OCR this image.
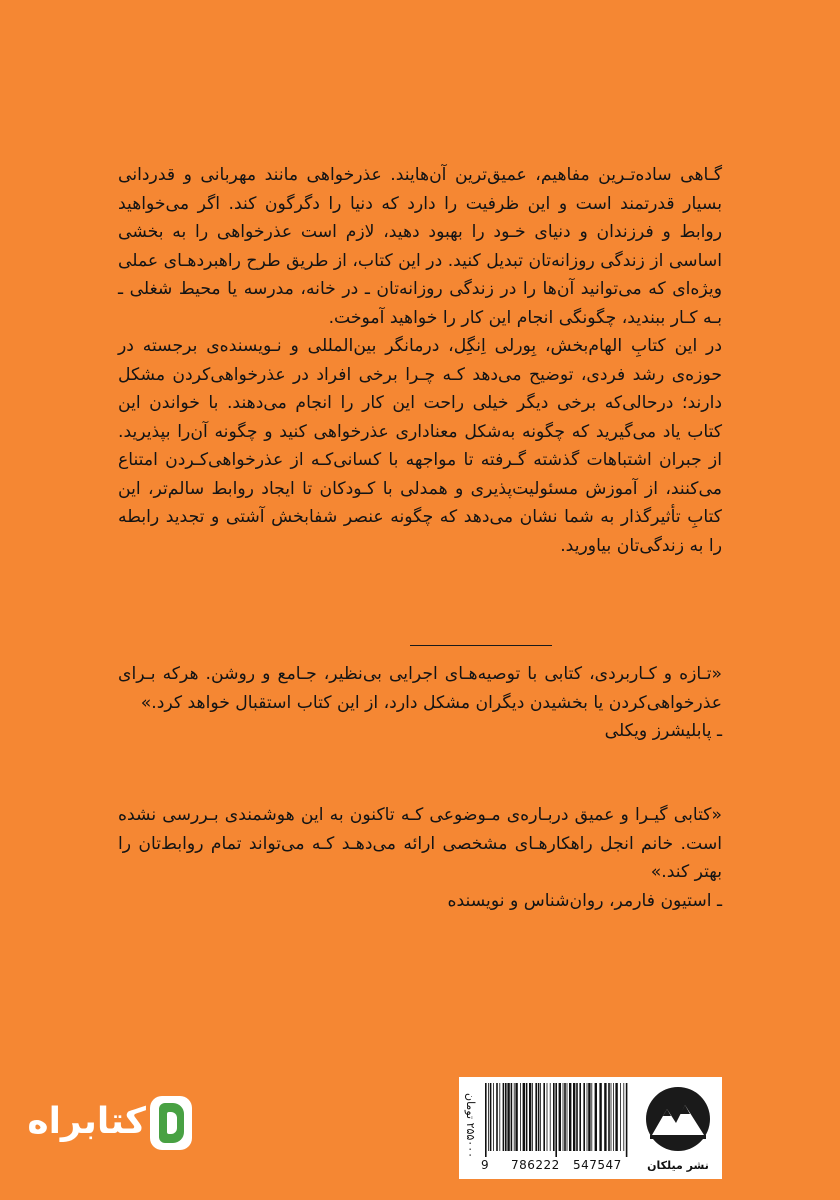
گـاهی ساده‌تـرین مفاهیم، عمیق‌ترین آن‌هایند. عذرخواهی مانند مهربانی و قدردانی بسیار قدرتمند است و این ظرفیت را دارد که دنیا را دگرگون کند. اگر می‌خواهید روابط و فرزندان و دنیای خـود را بهبود دهید، لازم است عذرخواهی را به بخشی اساسی از زندگی روزانه‌تان تبدیل کنید. در این کتاب، از طریق طرح راهبردهـای عملی ویژه‌ای که می‌توانید آن‌ها را در زندگی روزانه‌تان ـ در خانه، مدرسه یا محیط شغلی ـ بـه کـار ببندید، چگونگی انجام این کار را خواهید آموخت.

در این کتابِ الهام‌بخش، بِورلی اِنگِل، درمانگر بین‌المللی و نـویسنده‌ی برجسته در حوزه‌ی رشد فردی، توضیح می‌دهد کـه چـرا برخی افراد در عذرخواهی‌کردن مشکل دارند؛ درحالی‌که برخی دیگر خیلی راحت این کار را انجام می‌دهند. با خواندن این کتاب یاد می‌گیرید که چگونه به‌شکل معناداری عذرخواهی کنید و چگونه آن‌را بپذیرید. از جبران اشتباهات گذشته گـرفته تا مواجهه با کسانی‌کـه از عذرخواهی‌کـردن امتناع می‌کنند، از آموزش مسئولیت‌پذیری و همدلی با کـودکان تا ایجاد روابط سالم‌تر، این کتابِ تأثیرگذار به شما نشان می‌دهد که چگونه عنصر شفابخش آشتی و تجدید رابطه را به زندگی‌تان بیاورید.

«تـازه و کـاربردی، کتابی با توصیه‌هـای اجرایی بی‌نظیر، جـامع و روشن. هرکه بـرای عذرخواهی‌کردن یا بخشیدن دیگران مشکل دارد، از این کتاب استقبال خواهد کرد.»

ـ پابلیشرز ویکلی

«کتابی گیـرا و عمیق دربـاره‌ی مـوضوعی کـه تاکنون به این هوشمندی بـررسی نشده است. خانم انجل راهکارهـای مشخصی ارائه می‌دهـد کـه می‌تواند تمام روابط‌تان را بهتر کند.»

ـ استیون فارمر، روان‌شناس و نویسنده

کتابراه	۲۵۵۰۰۰ تومان
9 786222 547547	نشر میلکان
